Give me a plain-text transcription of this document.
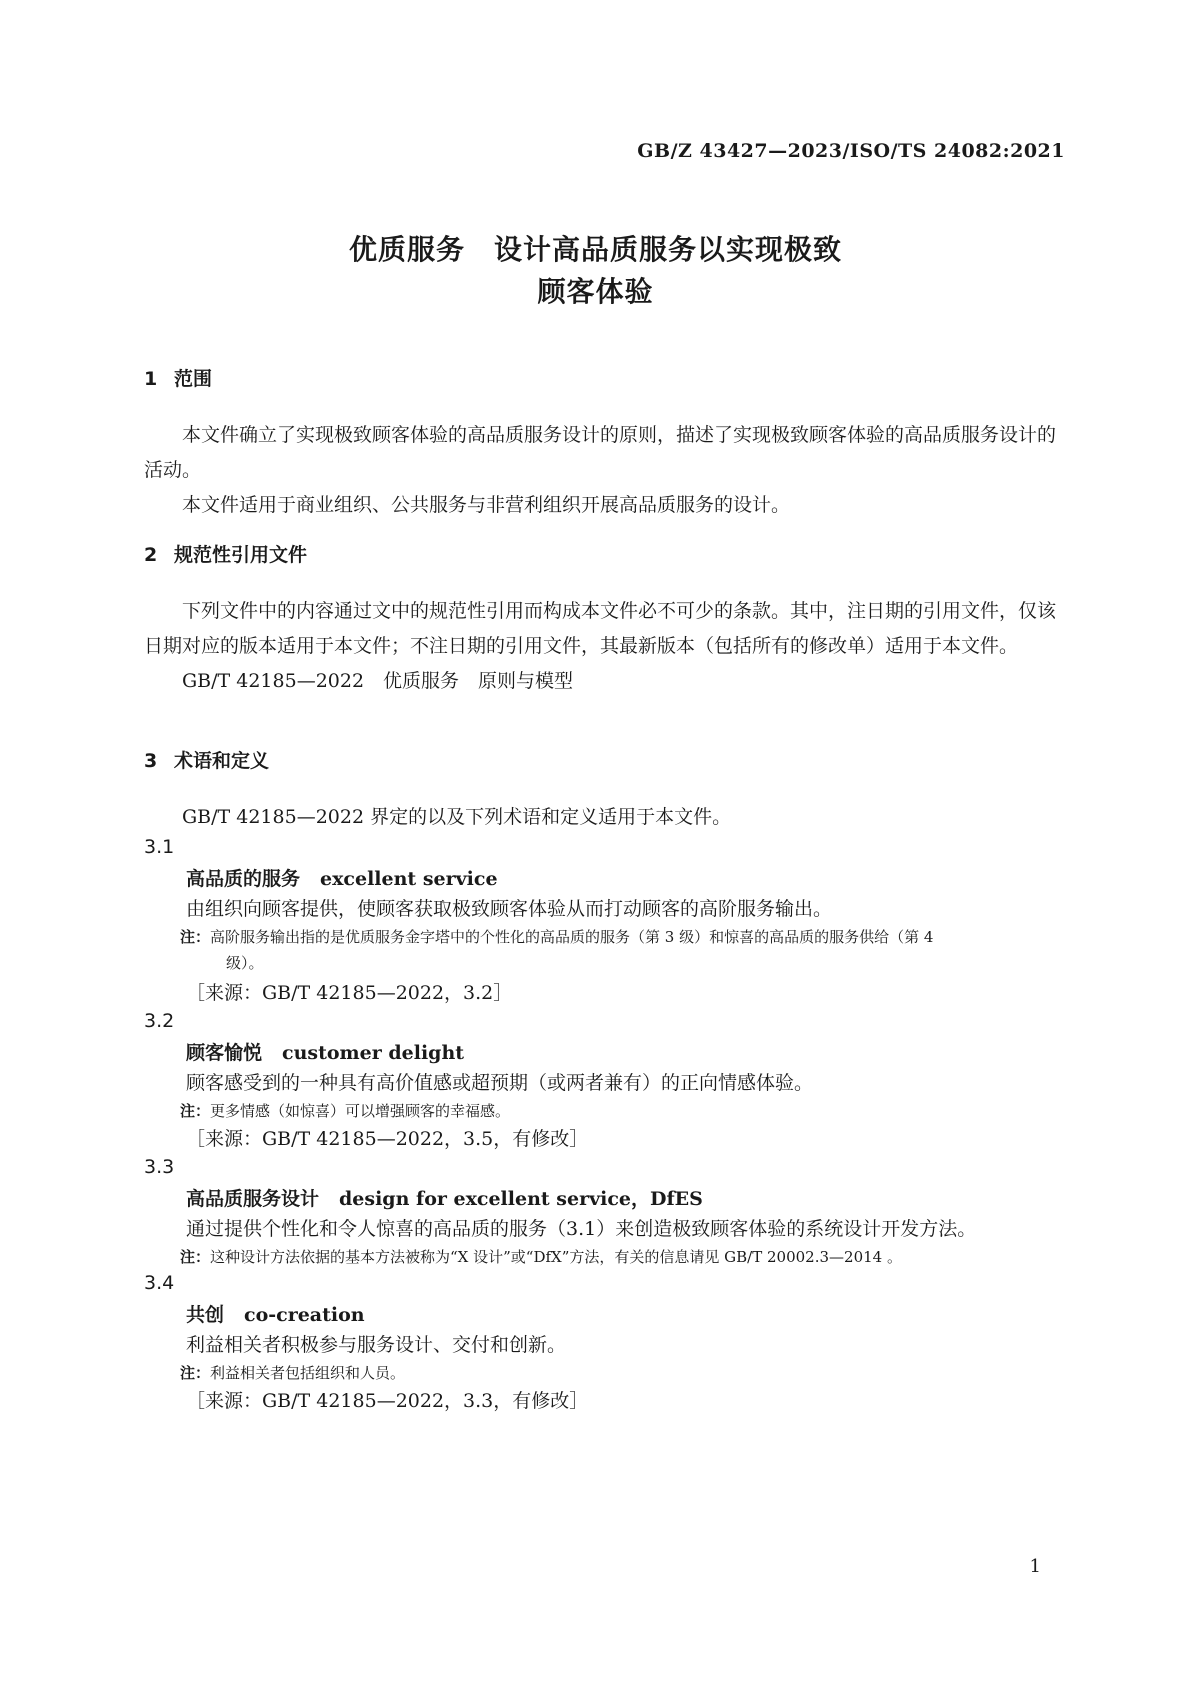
GB/Z 43427—2023/ISO/TS 24082:2021
优质服务　设计高品质服务以实现极致
顾客体验
1 范围

本文件确立了实现极致顾客体验的高品质服务设计的原则，描述了实现极致顾客体验的高品质服务设计的活动。

本文件适用于商业组织、公共服务与非营利组织开展高品质服务的设计。

2 规范性引用文件

下列文件中的内容通过文中的规范性引用而构成本文件必不可少的条款。其中，注日期的引用文件，仅该日期对应的版本适用于本文件；不注日期的引用文件，其最新版本（包括所有的修改单）适用于本文件。

GB/T 42185—2022　优质服务　原则与模型

3 术语和定义

GB/T 42185—2022 界定的以及下列术语和定义适用于本文件。

3.1
高品质的服务 excellent service
由组织向顾客提供，使顾客获取极致顾客体验从而打动顾客的高阶服务输出。
注：高阶服务输出指的是优质服务金字塔中的个性化的高品质的服务（第 3 级）和惊喜的高品质的服务供给（第 4
级）。
［来源：GB/T 42185—2022，3.2］
3.2
顾客愉悦 customer delight
顾客感受到的一种具有高价值感或超预期（或两者兼有）的正向情感体验。
注：更多情感（如惊喜）可以增强顾客的幸福感。
［来源：GB/T 42185—2022，3.5，有修改］
3.3
高品质服务设计 design for excellent service，DfES
通过提供个性化和令人惊喜的高品质的服务（3.1）来创造极致顾客体验的系统设计开发方法。
注：这种设计方法依据的基本方法被称为“X 设计”或“DfX”方法，有关的信息请见 GB/T 20002.3—2014 。
3.4
共创 co-creation
利益相关者积极参与服务设计、交付和创新。
注：利益相关者包括组织和人员。
［来源：GB/T 42185—2022，3.3，有修改］
1
